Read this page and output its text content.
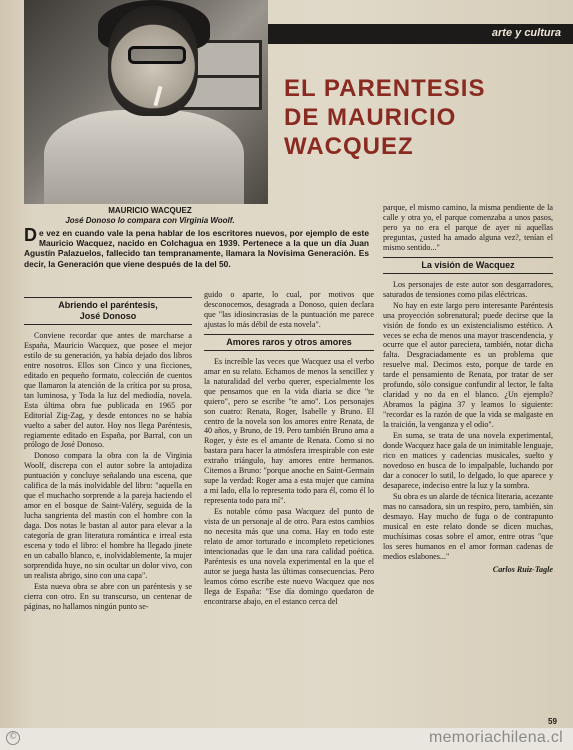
arte y cultura
EL PARENTESIS
DE MAURICIO
WACQUEZ
MAURICIO WACQUEZ
José Donoso lo compara con Virginia Woolf.
D e vez en cuando vale la pena hablar de los escritores nuevos, por ejemplo de este Mauricio Wacquez, nacido en Colchagua en 1939. Pertenece a la que un día Juan Agustín Palazuelos, fallecido tan tempranamente, llamara la Novísima Generación. Es decir, la Generación que viene después de la del 50.
Abriendo el paréntesis,
José Donoso

Conviene recordar que antes de marcharse a España, Mauricio Wacquez, que posee el mejor estilo de su generación, ya había dejado dos libros entre nosotros. Ellos son Cinco y una ficciones, editado en pequeño formato, colección de cuentos que llamaron la atención de la crítica por su prosa, tan luminosa, y Toda la luz del mediodía, novela. Esta última obra fue publicada en 1965 por Editorial Zig-Zag, y desde entonces no se había vuelto a saber del autor. Hoy nos llega Paréntesis, regiamente editado en España, por Barral, con un prólogo de José Donoso.

Donoso compara la obra con la de Virginia Woolf, discrepa con el autor sobre la antojadiza puntuación y concluye señalando una escena, que califica de la más inolvidable del libro: "aquella en que el muchacho sorprende a la pareja haciendo el amor en el bosque de Saint-Valéry, seguida de la lucha sangrienta del mastín con el hombre con la daga. Dos notas le bastan al autor para elevar a la categoría de gran literatura romántica e irreal esta escena y todo el libro: el hombre ha llegado jinete en un caballo blanco, e, inolvidablemente, la mujer sorprendida huye, no sin ocultar un dolor vivo, con un realista abrigo, sino con una capa".

Esta nueva obra se abre con un paréntesis y se cierra con otro. En su transcurso, un centenar de páginas, no hallamos ningún punto se-

guido o aparte, lo cual, por motivos que desconocemos, desagrada a Donoso, quien declara que "las idiosincrasias de la puntuación me parece ajustas lo más débil de esta novela".

Amores raros y otros amores

Es increíble las veces que Wacquez usa el verbo amar en su relato. Echamos de menos la sencillez y la naturalidad del verbo querer, especialmente los que pensamos que en la vida diaria se dice "te quiero", pero se escribe "te amo". Los personajes son cuatro: Renata, Roger, Isabelle y Bruno. El centro de la novela son los amores entre Renata, de 40 años, y Bruno, de 19. Pero también Bruno ama a Roger, y éste es el amante de Renata. Como si no bastara para hacer la atmósfera irrespirable con este extraño triángulo, hay amores entre hermanos. Citemos a Bruno: "porque anoche en Saint-Germain supe la verdad: Roger ama a esta mujer que camina a mi lado, ella lo representa todo para él, como él lo representa todo para mí".

Es notable cómo pasa Wacquez del punto de vista de un personaje al de otro. Para estos cambios no necesita más que una coma. Hay en todo este relato de amor torturado e incompleto repeticiones intencionadas que le dan una rara calidad poética. Paréntesis es una novela experimental en la que el autor se juega hasta las últimas consecuencias. Pero leamos cómo escribe este nuevo Wacquez que nos llega de España: "Ese día domingo quedaron de encontrarse abajo, en el estanco cerca del

parque, el mismo camino, la misma pendiente de la calle y otra yo, el parque comenzaba a unos pasos, pero ya no era el parque de ayer ni aquellas preguntas, ¿usted ha amado alguna vez?, tenían el mismo sentido..."

La visión de Wacquez

Los personajes de este autor son desgarradores, saturados de tensiones como pilas eléctricas.

No hay en este largo pero interesante Paréntesis una proyección sobrenatural; puede decirse que la visión de fondo es un existencialismo estético. A veces se echa de menos una mayor trascendencia, y ocurre que el autor pareciera, también, notar dicha falta. Desgraciadamente es un problema que resuelve mal. Decimos esto, porque de tarde en tarde el pensamiento de Renata, por tratar de ser profundo, sólo consigue confundir al lector, le falta claridad y no da en el blanco. ¿Un ejemplo? Abramos la página 37 y leamos lo siguiente: "recordar es la razón de que la vida se malgaste en la traición, la venganza y el odio".

En suma, se trata de una novela experimental, donde Wacquez hace gala de un inimitable lenguaje, rico en matices y cadencias musicales, suelto y novedoso en busca de lo impalpable, luchando por dar a conocer lo sutil, lo delgado, lo que aparece y desaparece, indeciso entre la luz y la sombra.

Su obra es un alarde de técnica literaria, acezante mas no cansadora, sin un respiro, pero, también, sin desmayo. Hay mucho de fuga o de contrapunto musical en este relato donde se dicen muchas, muchísimas cosas sobre el amor, entre otras "que los seres humanos en el amor forman cadenas de medios eslabones..."

Carlos Ruiz-Tagle
59
©	memoriachilena.cl
